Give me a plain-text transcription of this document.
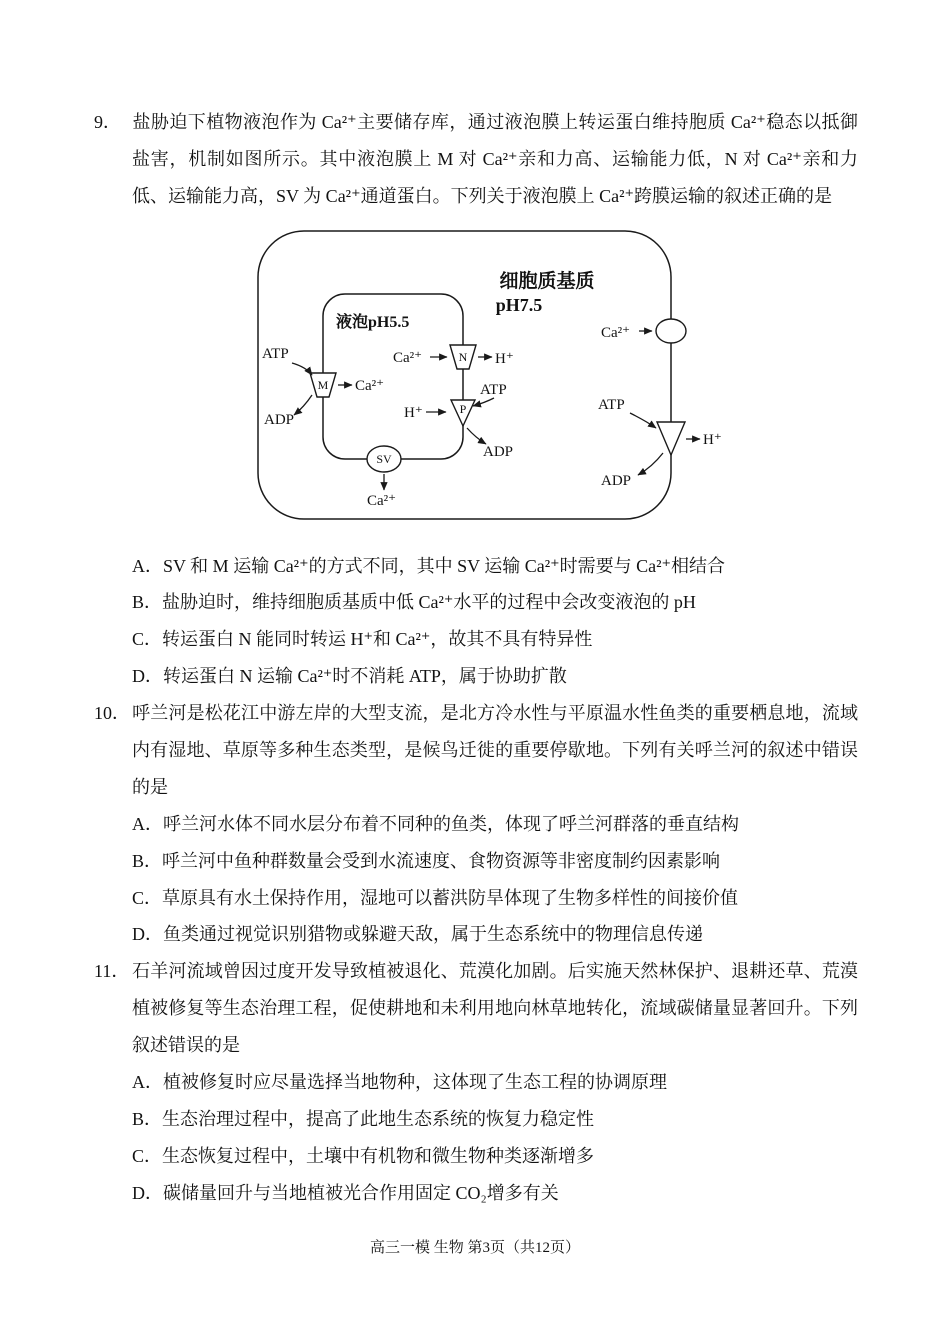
9． 盐胁迫下植物液泡作为 Ca²⁺主要储存库，通过液泡膜上转运蛋白维持胞质 Ca²⁺稳态以抵御盐害，机制如图所示。其中液泡膜上 M 对 Ca²⁺亲和力高、运输能力低，N 对 Ca²⁺亲和力低、运输能力高，SV 为 Ca²⁺通道蛋白。下列关于液泡膜上 Ca²⁺跨膜运输的叙述正确的是

细胞质基质
pH7.5
液泡pH5.5
M
ATP
ADP
Ca²⁺
Ca²⁺	N H⁺
H⁺	P
ATP
ADP
SV
Ca²⁺
Ca²⁺
ATP
ADP
H⁺

A．SV 和 M 运输 Ca²⁺的方式不同，其中 SV 运输 Ca²⁺时需要与 Ca²⁺相结合

B．盐胁迫时，维持细胞质基质中低 Ca²⁺水平的过程中会改变液泡的 pH

C．转运蛋白 N 能同时转运 H⁺和 Ca²⁺，故其不具有特异性

D．转运蛋白 N 运输 Ca²⁺时不消耗 ATP，属于协助扩散

10． 呼兰河是松花江中游左岸的大型支流，是北方冷水性与平原温水性鱼类的重要栖息地，流域内有湿地、草原等多种生态类型，是候鸟迁徙的重要停歇地。下列有关呼兰河的叙述中错误的是

A．呼兰河水体不同水层分布着不同种的鱼类，体现了呼兰河群落的垂直结构

B．呼兰河中鱼种群数量会受到水流速度、食物资源等非密度制约因素影响

C．草原具有水土保持作用，湿地可以蓄洪防旱体现了生物多样性的间接价值

D．鱼类通过视觉识别猎物或躲避天敌，属于生态系统中的物理信息传递

11． 石羊河流域曾因过度开发导致植被退化、荒漠化加剧。后实施天然林保护、退耕还草、荒漠植被修复等生态治理工程，促使耕地和未利用地向林草地转化，流域碳储量显著回升。下列叙述错误的是

A．植被修复时应尽量选择当地物种，这体现了生态工程的协调原理

B．生态治理过程中，提高了此地生态系统的恢复力稳定性

C．生态恢复过程中，土壤中有机物和微生物种类逐渐增多

D．碳储量回升与当地植被光合作用固定 CO₂增多有关

高三一模 生物 第3页（共12页）
